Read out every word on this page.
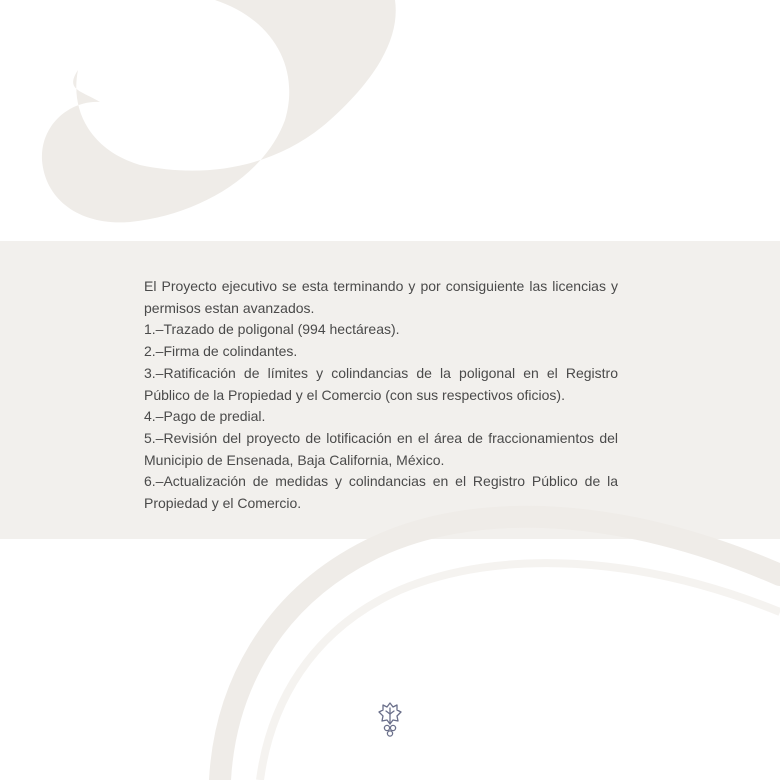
El Proyecto ejecutivo se esta terminando y por consiguiente las licencias y permisos estan avanzados.

1.–Trazado de poligonal (994 hectáreas).

2.–Firma de colindantes.

3.–Ratificación de límites y colindancias de la poligonal en el Registro Público de la Propiedad y el Comercio (con sus respectivos oficios).

4.–Pago de predial.

5.–Revisión del proyecto de lotificación en el área de fraccionamientos del Municipio de Ensenada, Baja California, México.

6.–Actualización de medidas y colindancias en el Registro Público de la Propiedad y el Comercio.
